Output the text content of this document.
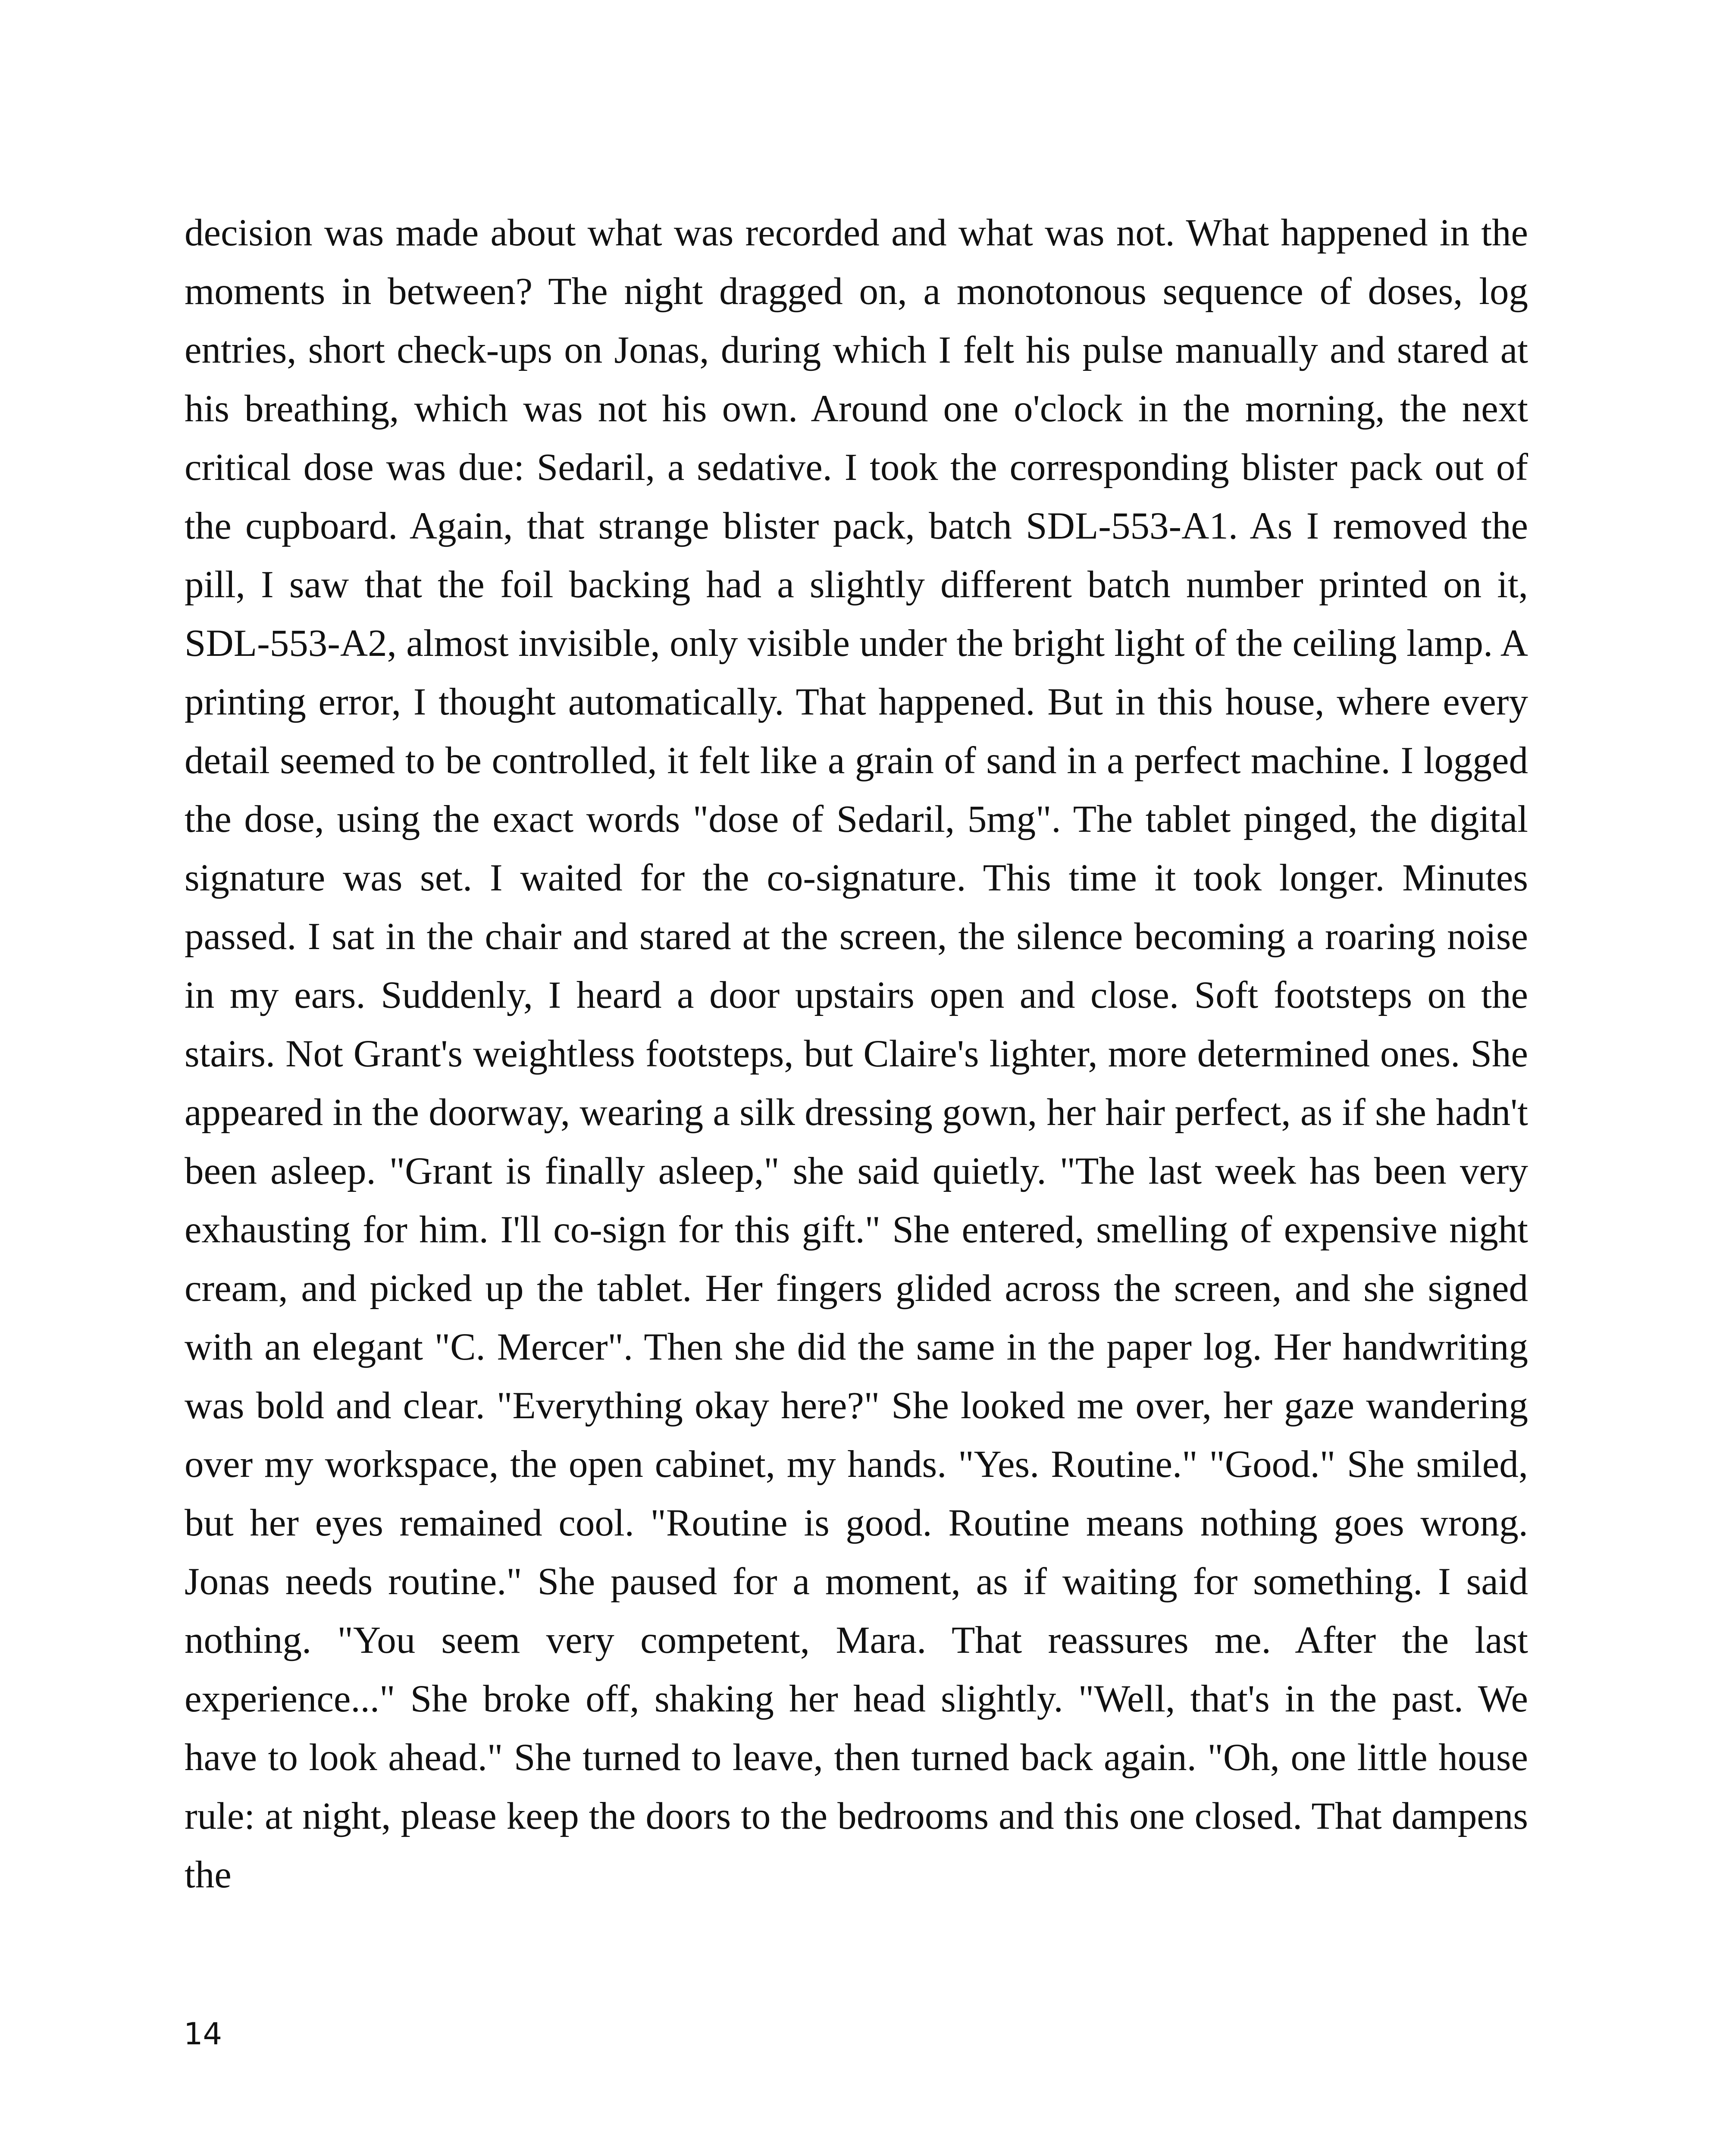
decision was made about what was recorded and what was not. What happened in the moments in between? The night dragged on, a monotonous sequence of doses, log entries, short check-ups on Jonas, during which I felt his pulse manually and stared at his breathing, which was not his own. Around one o'clock in the morning, the next critical dose was due: Sedaril, a sedative. I took the corresponding blister pack out of the cupboard. Again, that strange blister pack, batch SDL-553-A1. As I removed the pill, I saw that the foil backing had a slightly different batch number printed on it, SDL-553-A2, almost invisible, only visible under the bright light of the ceiling lamp. A printing error, I thought automatically. That happened. But in this house, where every detail seemed to be controlled, it felt like a grain of sand in a perfect machine. I logged the dose, using the exact words "dose of Sedaril, 5mg". The tablet pinged, the digital signature was set. I waited for the co-signature. This time it took longer. Minutes passed. I sat in the chair and stared at the screen, the silence becoming a roaring noise in my ears. Suddenly, I heard a door upstairs open and close. Soft footsteps on the stairs. Not Grant's weightless footsteps, but Claire's lighter, more determined ones. She appeared in the doorway, wearing a silk dressing gown, her hair perfect, as if she hadn't been asleep. "Grant is finally asleep," she said quietly. "The last week has been very exhausting for him. I'll co-sign for this gift." She entered, smelling of expensive night cream, and picked up the tablet. Her fingers glided across the screen, and she signed with an elegant "C. Mercer". Then she did the same in the paper log. Her handwriting was bold and clear. "Everything okay here?" She looked me over, her gaze wandering over my workspace, the open cabinet, my hands. "Yes. Routine." "Good." She smiled, but her eyes remained cool. "Routine is good. Routine means nothing goes wrong. Jonas needs routine." She paused for a moment, as if waiting for something. I said nothing. "You seem very competent, Mara. That reassures me. After the last experience..." She broke off, shaking her head slightly. "Well, that's in the past. We have to look ahead." She turned to leave, then turned back again. "Oh, one little house rule: at night, please keep the doors to the bedrooms and this one closed. That dampens the

14
